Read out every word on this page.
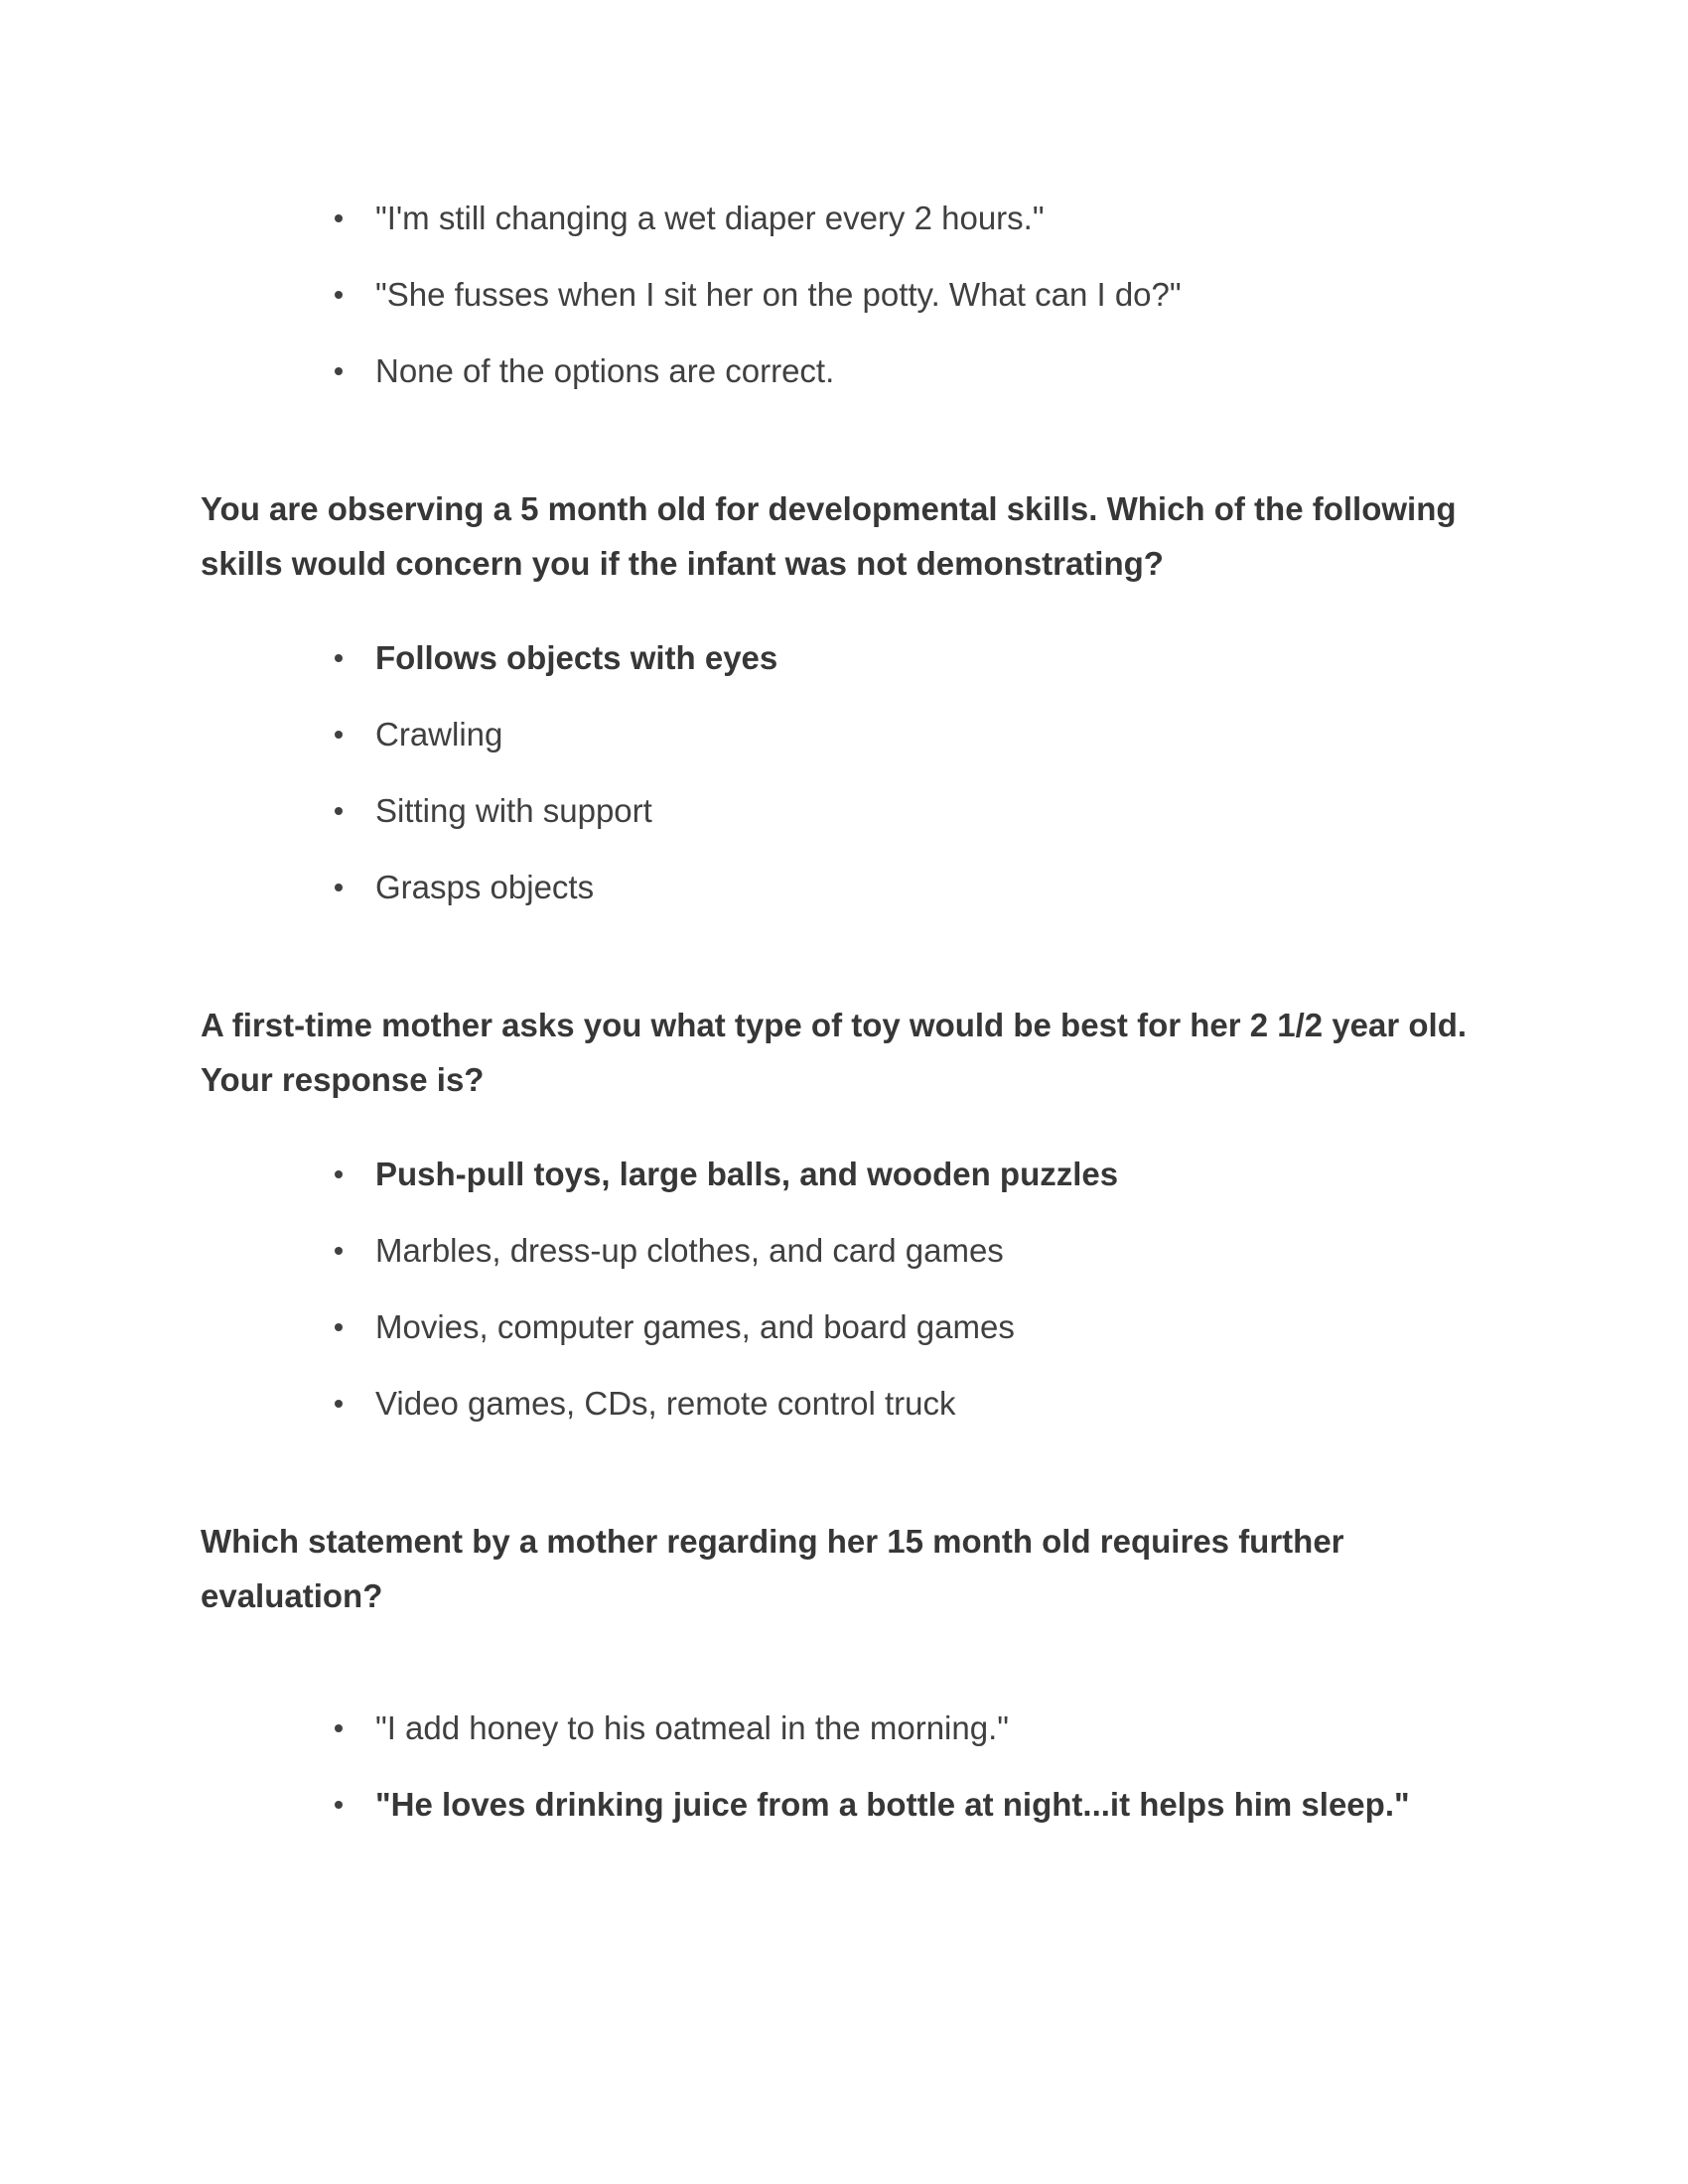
"I'm still changing a wet diaper every 2 hours."
"She fusses when I sit her on the potty. What can I do?"
None of the options are correct.

You are observing a 5 month old for developmental skills. Which of the following
skills would concern you if the infant was not demonstrating?

Follows objects with eyes
Crawling
Sitting with support
Grasps objects

A first-time mother asks you what type of toy would be best for her 2 1/2 year old.
Your response is?

Push-pull toys, large balls, and wooden puzzles
Marbles, dress-up clothes, and card games
Movies, computer games, and board games
Video games, CDs, remote control truck

Which statement by a mother regarding her 15 month old requires further
evaluation?

"I add honey to his oatmeal in the morning."
"He loves drinking juice from a bottle at night...it helps him sleep."
